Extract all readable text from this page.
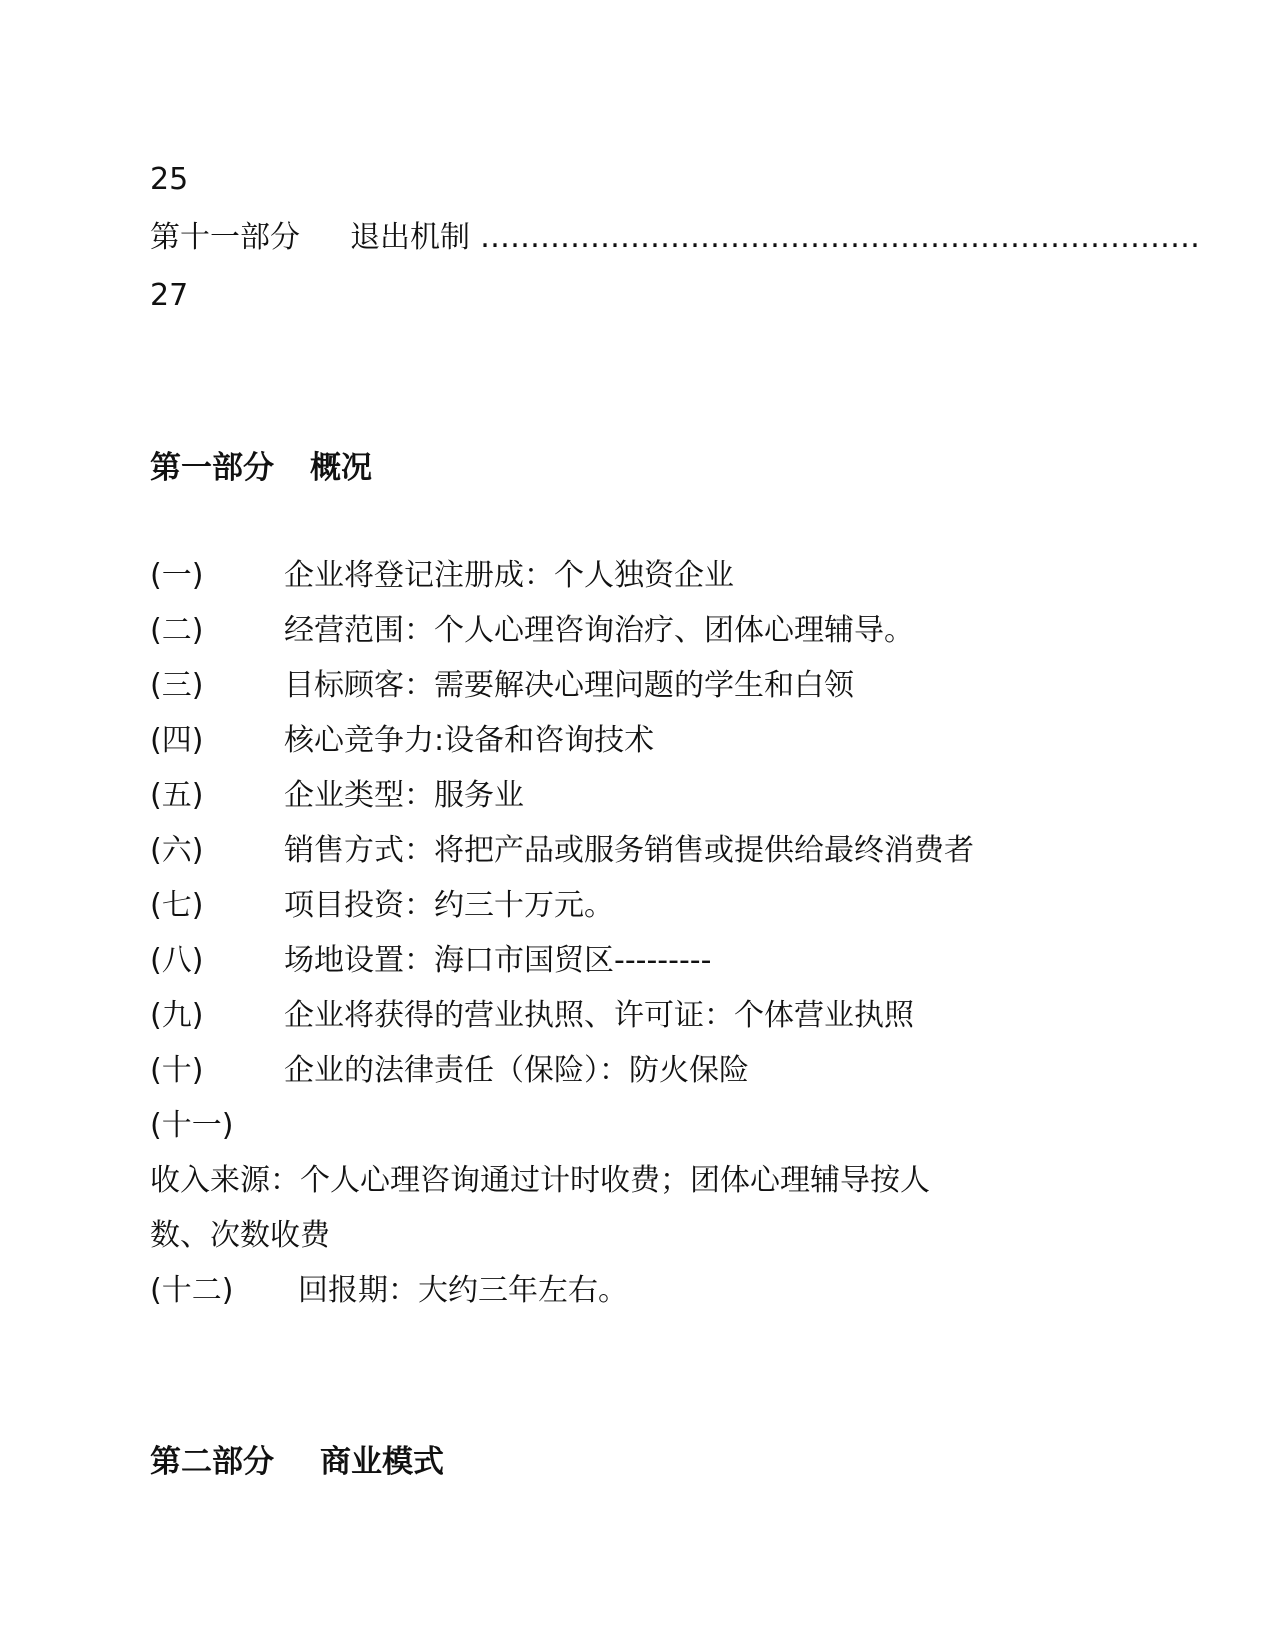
25
第十一部分 退出机制 ………………………………………………………………
27
第一部分 概况
(一)	企业将登记注册成：个人独资企业
(二)	经营范围：个人心理咨询治疗、团体心理辅导。
(三)	目标顾客：需要解决心理问题的学生和白领
(四)	核心竞争力:设备和咨询技术
(五)	企业类型：服务业
(六)	销售方式：将把产品或服务销售或提供给最终消费者
(七)	项目投资：约三十万元。
(八)	场地设置：海口市国贸区---------
(九)	企业将获得的营业执照、许可证：个体营业执照
(十)	企业的法律责任（保险）：防火保险
(十一)
收入来源：个人心理咨询通过计时收费；团体心理辅导按人
数、次数收费
(十二) 回报期：大约三年左右。
第二部分 商业模式
